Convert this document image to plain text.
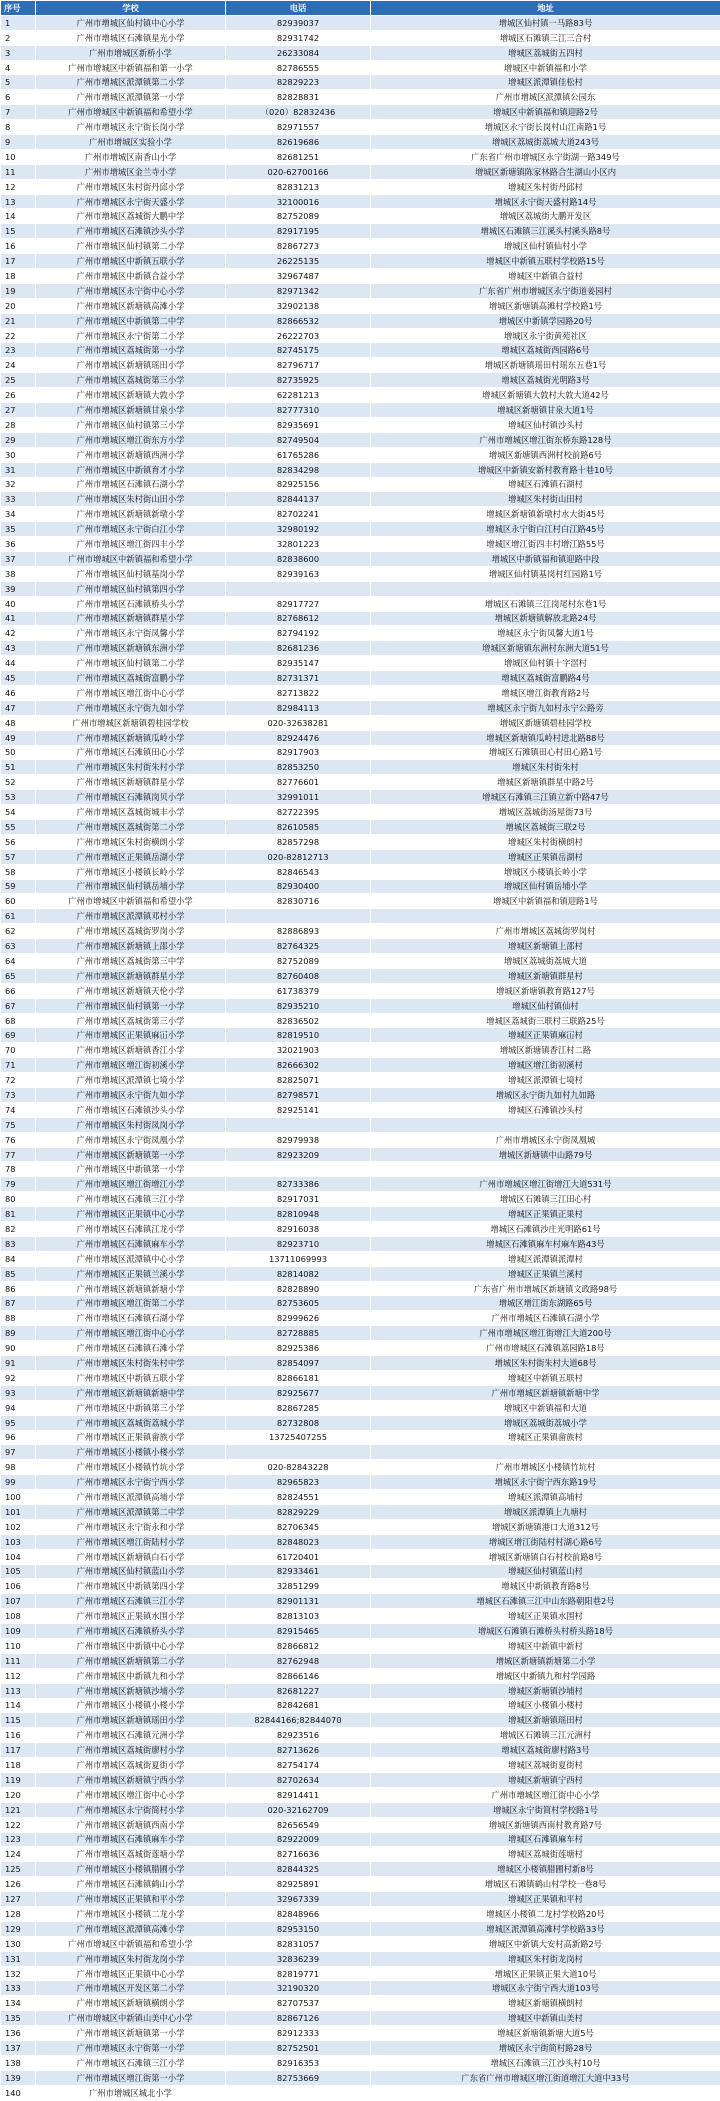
序号	学校	电话	地址
1	广州市增城区仙村镇中心小学	82939037	增城区仙村镇一马路83号
2	广州市增城区石滩镇星光小学	82931742	增城区石滩镇三江三合村
3	广州市增城区新桥小学	26233084	增城区荔城街五四村
4	广州市增城区中新镇福和第一小学	82786555	增城区中新镇福和小学
5	广州市增城区派潭镇第二小学	82829223	增城区派潭镇佳松村
6	广州市增城区派潭镇第一小学	82828831	广州市增城区派潭镇公园东
7	广州市增城区中新镇福和希望小学	（020）82832436	增城区中新镇福和镇迎路2号
8	广州市增城区永宁街长岗小学	82971557	增城区永宁街长岗村山江南路1号
9	广州市增城区实验小学	82619686	增城区荔城街荔城大道243号
10	广州市增城区南香山小学	82681251	广东省广州市增城区永宁街湖一路349号
11	广州市增城区金兰寺小学	020-62700166	增城区新塘镇陈家林路合生湖山小区内
12	广州市增城区朱村街丹邱小学	82831213	增城区朱村街丹邱村
13	广州市增城区永宁街天盛小学	32100016	增城区永宁街天盛村路14号
14	广州市增城区荔城街大鹏中学	82752089	增城区荔城街大鹏开发区
15	广州市增城区石滩镇沙头小学	82917195	增城区石滩镇三江溪头村溪头路8号
16	广州市增城区仙村镇第二小学	82867273	增城区仙村镇仙村小学
17	广州市增城区中新镇五联小学	26225135	增城区中新镇五联村学校路15号
18	广州市增城区中新镇合益小学	32967487	增城区中新镇合益村
19	广州市增城区永宁街中心小学	82971342	广东省广州市增城区永宁街道姜园村
20	广州市增城区新塘镇高滩小学	32902138	增城区新塘镇高滩村学校路1号
21	广州市增城区中新镇第二中学	82866532	增城区中新镇学园路20号
22	广州市增城区永宁街第二小学	26222703	增城区永宁街黄苑社区
23	广州市增城区荔城街第一小学	82745175	增城区荔城街西园路6号
24	广州市增城区新塘镇瑶田小学	82796717	增城区新塘镇瑶田村瑶东五巷1号
25	广州市增城区荔城街第三小学	82735925	增城区荔城街光明路3号
26	广州市增城区新塘镇大敦小学	62281213	增城区新塘镇大敦村大敦大道42号
27	广州市增城区新塘镇甘泉小学	82777310	增城区新塘镇甘泉大道1号
28	广州市增城区仙村镇第三小学	82935691	增城区仙村镇沙头村
29	广州市增城区增江街东方小学	82749504	广州市增城区增江街东桥东路128号
30	广州市增城区新塘镇西洲小学	61765286	增城区新塘镇西洲村校前路6号
31	广州市增城区中新镇育才小学	82834298	增城区中新镇安新村教育路十巷10号
32	广州市增城区石滩镇石湖小学	82925156	增城区石滩镇石湖村
33	广州市增城区朱村街山田小学	82844137	增城区朱村街山田村
34	广州市增城区新塘镇新墩小学	82702241	增城区新塘镇新墩村水大街45号
35	广州市增城区永宁街白江小学	32980192	增城区永宁街白江村白江路45号
36	广州市增城区增江街四丰小学	32801223	增城区增江街四丰村增江路55号
37	广州市增城区中新镇福和希望小学	82838600	增城区中新镇福和镇迎路中段
38	广州市增城区仙村镇基岗小学	82939163	增城区仙村镇基岗村红园路1号
39	广州市增城区仙村镇第四小学		
40	广州市增城区石滩镇桥头小学	82917727	增城区石滩镇三江岗尾村东巷1号
41	广州市增城区新塘镇群星小学	82768612	增城区新塘镇解放北路24号
42	广州市增城区永宁街凤馨小学	82794192	增城区永宁街凤馨大道1号
43	广州市增城区新塘镇东洲小学	82681236	增城区新塘镇东洲村东洲大道51号
44	广州市增城区仙村镇第二小学	82935147	增城区仙村镇十字滘村
45	广州市增城区荔城街富鹏小学	82731371	增城区荔城街富鹏路4号
46	广州市增城区增江街中心小学	82713822	增城区增江街教育路2号
47	广州市增城区永宁街九如小学	82984113	增城区永宁街九如村永宁公路旁
48	广州市增城区新塘镇碧桂园学校	020-32638281	增城区新塘镇碧桂园学校
49	广州市增城区新塘镇瓜岭小学	82924476	增城区新塘镇瓜岭村进北路88号
50	广州市增城区石滩镇田心小学	82917903	增城区石滩镇田心村田心路1号
51	广州市增城区朱村街朱村小学	82853250	增城区朱村街朱村
52	广州市增城区新塘镇群星小学	82776601	增城区新塘镇群星中路2号
53	广州市增城区石滩镇岗贝小学	32991011	增城区石滩镇三江镇立新中路47号
54	广州市增城区荔城街城丰小学	82722395	增城区荔城街汤屋街73号
55	广州市增城区荔城街第二小学	82610585	增城区荔城街三联2号
56	广州市增城区朱村街横朗小学	82857298	增城区朱村街横朗村
57	广州市增城区正果镇岳湖小学	020-82812713	增城区正果镇岳湖村
58	广州市增城区小楼镇长岭小学	82846543	增城区小楼镇长岭小学
59	广州市增城区仙村镇岳埔小学	82930400	增城区仙村镇岳埔小学
60	广州市增城区中新镇福和希望小学	82830716	增城区中新镇福和镇迎路1号
61	广州市增城区派潭镇邓村小学		
62	广州市增城区荔城街罗岗小学	82886893	广州市增城区荔城街罗岗村
63	广州市增城区新塘镇上邵小学	82764325	增城区新塘镇上邵村
64	广州市增城区荔城街第三中学	82752089	增城区荔城街荔城大道
65	广州市增城区新塘镇群星小学	82760408	增城区新塘镇群星村
66	广州市增城区新塘镇天伦小学	61738379	增城区新塘镇教育路127号
67	广州市增城区仙村镇第一小学	82935210	增城区仙村镇仙村
68	广州市增城区荔城街第三小学	82836502	增城区荔城街三联村三联路25号
69	广州市增城区正果镇麻冚小学	82819510	增城区正果镇麻冚村
70	广州市增城区新塘镇香江小学	32021903	增城区新塘镇香江村二路
71	广州市增城区增江街初溪小学	82666302	增城区增江街初溪村
72	广州市增城区派潭镇七境小学	82825071	增城区派潭镇七境村
73	广州市增城区永宁街九如小学	82798571	增城区永宁街九如村九如路
74	广州市增城区石滩镇沙头小学	82925141	增城区石滩镇沙头村
75	广州市增城区朱村街凤岗小学		
76	广州市增城区永宁街凤凰小学	82979938	广州市增城区永宁街凤凰城
77	广州市增城区新塘镇第一小学	82923209	增城区新塘镇中山路79号
78	广州市增城区中新镇第一小学		
79	广州市增城区增江街增江小学	82733386	广州市增城区增江街增江大道531号
80	广州市增城区石滩镇三江小学	82917031	增城区石滩镇三江田心村
81	广州市增城区正果镇中心小学	82810948	增城区正果镇正果村
82	广州市增城区石滩镇江龙小学	82916038	增城区石滩镇沙庄光明路61号
83	广州市增城区石滩镇麻车小学	82923710	增城区石滩镇麻车村麻车路43号
84	广州市增城区派潭镇中心小学	13711069993	增城区派潭镇派潭村
85	广州市增城区正果镇兰溪小学	82814082	增城区正果镇兰溪村
86	广州市增城区新塘镇新塘小学	82828890	广东省广州市增城区新塘镇文政路98号
87	广州市增城区增江街第二小学	82753605	增城区增江街东湖路65号
88	广州市增城区石滩镇石湖小学	82999626	广州市增城区石滩镇石湖小学
89	广州市增城区增江街中心小学	82728885	广州市增城区增江街增江大道200号
90	广州市增城区石滩镇石滩小学	82925386	广州市增城区石滩镇荔园路18号
91	广州市增城区朱村街朱村中学	82854097	增城区朱村街朱村大道68号
92	广州市增城区中新镇五联小学	82866181	增城区中新镇五联村
93	广州市增城区新塘镇新塘中学	82925677	广州市增城区新塘镇新塘中学
94	广州市增城区中新镇第三小学	82867285	增城区中新镇福和大道
95	广州市增城区荔城街荔城小学	82732808	增城区荔城街荔城小学
96	广州市增城区正果镇畲族小学	13725407255	增城区正果镇畲族村
97	广州市增城区小楼镇小楼小学		
98	广州市增城区小楼镇竹坑小学	020-82843228	广州市增城区小楼镇竹坑村
99	广州市增城区永宁街宁西小学	82965823	增城区永宁街宁西东路19号
100	广州市增城区派潭镇高埔小学	82824551	增城区派潭镇高埔村
101	广州市增城区派潭镇第二中学	82829229	增城区派潭镇上九塘村
102	广州市增城区永宁街永和小学	82706345	增城区新塘镇港口大道312号
103	广州市增城区增江街陆村小学	82848023	增城区增江街陆村村湖心路6号
104	广州市增城区新塘镇白石小学	61720401	增城区新塘镇白石村校前路8号
105	广州市增城区仙村镇蓝山小学	82933461	增城区仙村镇蓝山村
106	广州市增城区中新镇第四小学	32851299	增城区中新镇教育路8号
107	广州市增城区石滩镇三江小学	82901131	增城区石滩镇三江中山东路朝阳巷2号
108	广州市增城区正果镇水围小学	82813103	增城区正果镇水围村
109	广州市增城区石滩镇桥头小学	82915465	增城区石滩镇石滩桥头村桥头路18号
110	广州市增城区中新镇中心小学	82866812	增城区中新镇中新村
111	广州市增城区新塘镇第二小学	82762948	增城区新塘镇新塘第二小学
112	广州市增城区中新镇九和小学	82866146	增城区中新镇九和村学园路
113	广州市增城区新塘镇沙埔小学	82681227	增城区新塘镇沙埔村
114	广州市增城区小楼镇小楼小学	82842681	增城区小楼镇小楼村
115	广州市增城区新塘镇瑶田小学	82844166;82844070	增城区新塘镇瑶田村
116	广州市增城区石滩镇元洲小学	82923516	增城区石滩镇三江元洲村
117	广州市增城区荔城街廖村小学	82713626	增城区荔城街廖村路3号
118	广州市增城区荔城街夏街小学	82754174	增城区荔城街夏街村
119	广州市增城区新塘镇宁西小学	82702634	增城区新塘镇宁西村
120	广州市增城区增江街中心小学	82914411	广州市增城区增江街中心小学
121	广州市增城区永宁街简村小学	020-32162709	增城区永宁街简村学校路1号
122	广州市增城区新塘镇西南小学	82656549	增城区新塘镇西南村教育路7号
123	广州市增城区石滩镇麻车小学	82922009	增城区石滩镇麻车村
124	广州市增城区荔城街莲塘小学	82716636	增城区荔城街莲塘村
125	广州市增城区小楼镇腊圃小学	82844325	增城区小楼镇腊圃村新8号
126	广州市增城区石滩镇鹤山小学	82925891	增城区石滩镇鹤山村学校一巷8号
127	广州市增城区正果镇和平小学	32967339	增城区正果镇和平村
128	广州市增城区小楼镇二龙小学	82848966	增城区小楼镇二龙村学校路20号
129	广州市增城区派潭镇高滩小学	82953150	增城区派潭镇高滩村学校路33号
130	广州市增城区中新镇福和希望小学	82831057	增城区中新镇大安村高新路2号
131	广州市增城区朱村街龙岗小学	32836239	增城区朱村街龙岗村
132	广州市增城区正果镇中心小学	82819771	增城区正果镇正果大道10号
133	广州市增城区开发区第二小学	32190320	增城区永宁街宁西大道103号
134	广州市增城区新塘镇横朗小学	82707537	增城区新塘镇横朗村
135	广州市增城区中新镇山美中心小学	82867126	增城区中新镇山美村
136	广州市增城区新塘镇第一小学	82912333	增城区新塘镇新塘大道5号
137	广州市增城区永宁街第一小学	82752501	增城区永宁街简村路28号
138	广州市增城区石滩镇三江小学	82916353	增城区石滩镇三江沙头村10号
139	广州市增城区增江街第一小学	82753669	广东省广州市增城区增江街道增江大道中33号
140	广州市增城区城北小学		
